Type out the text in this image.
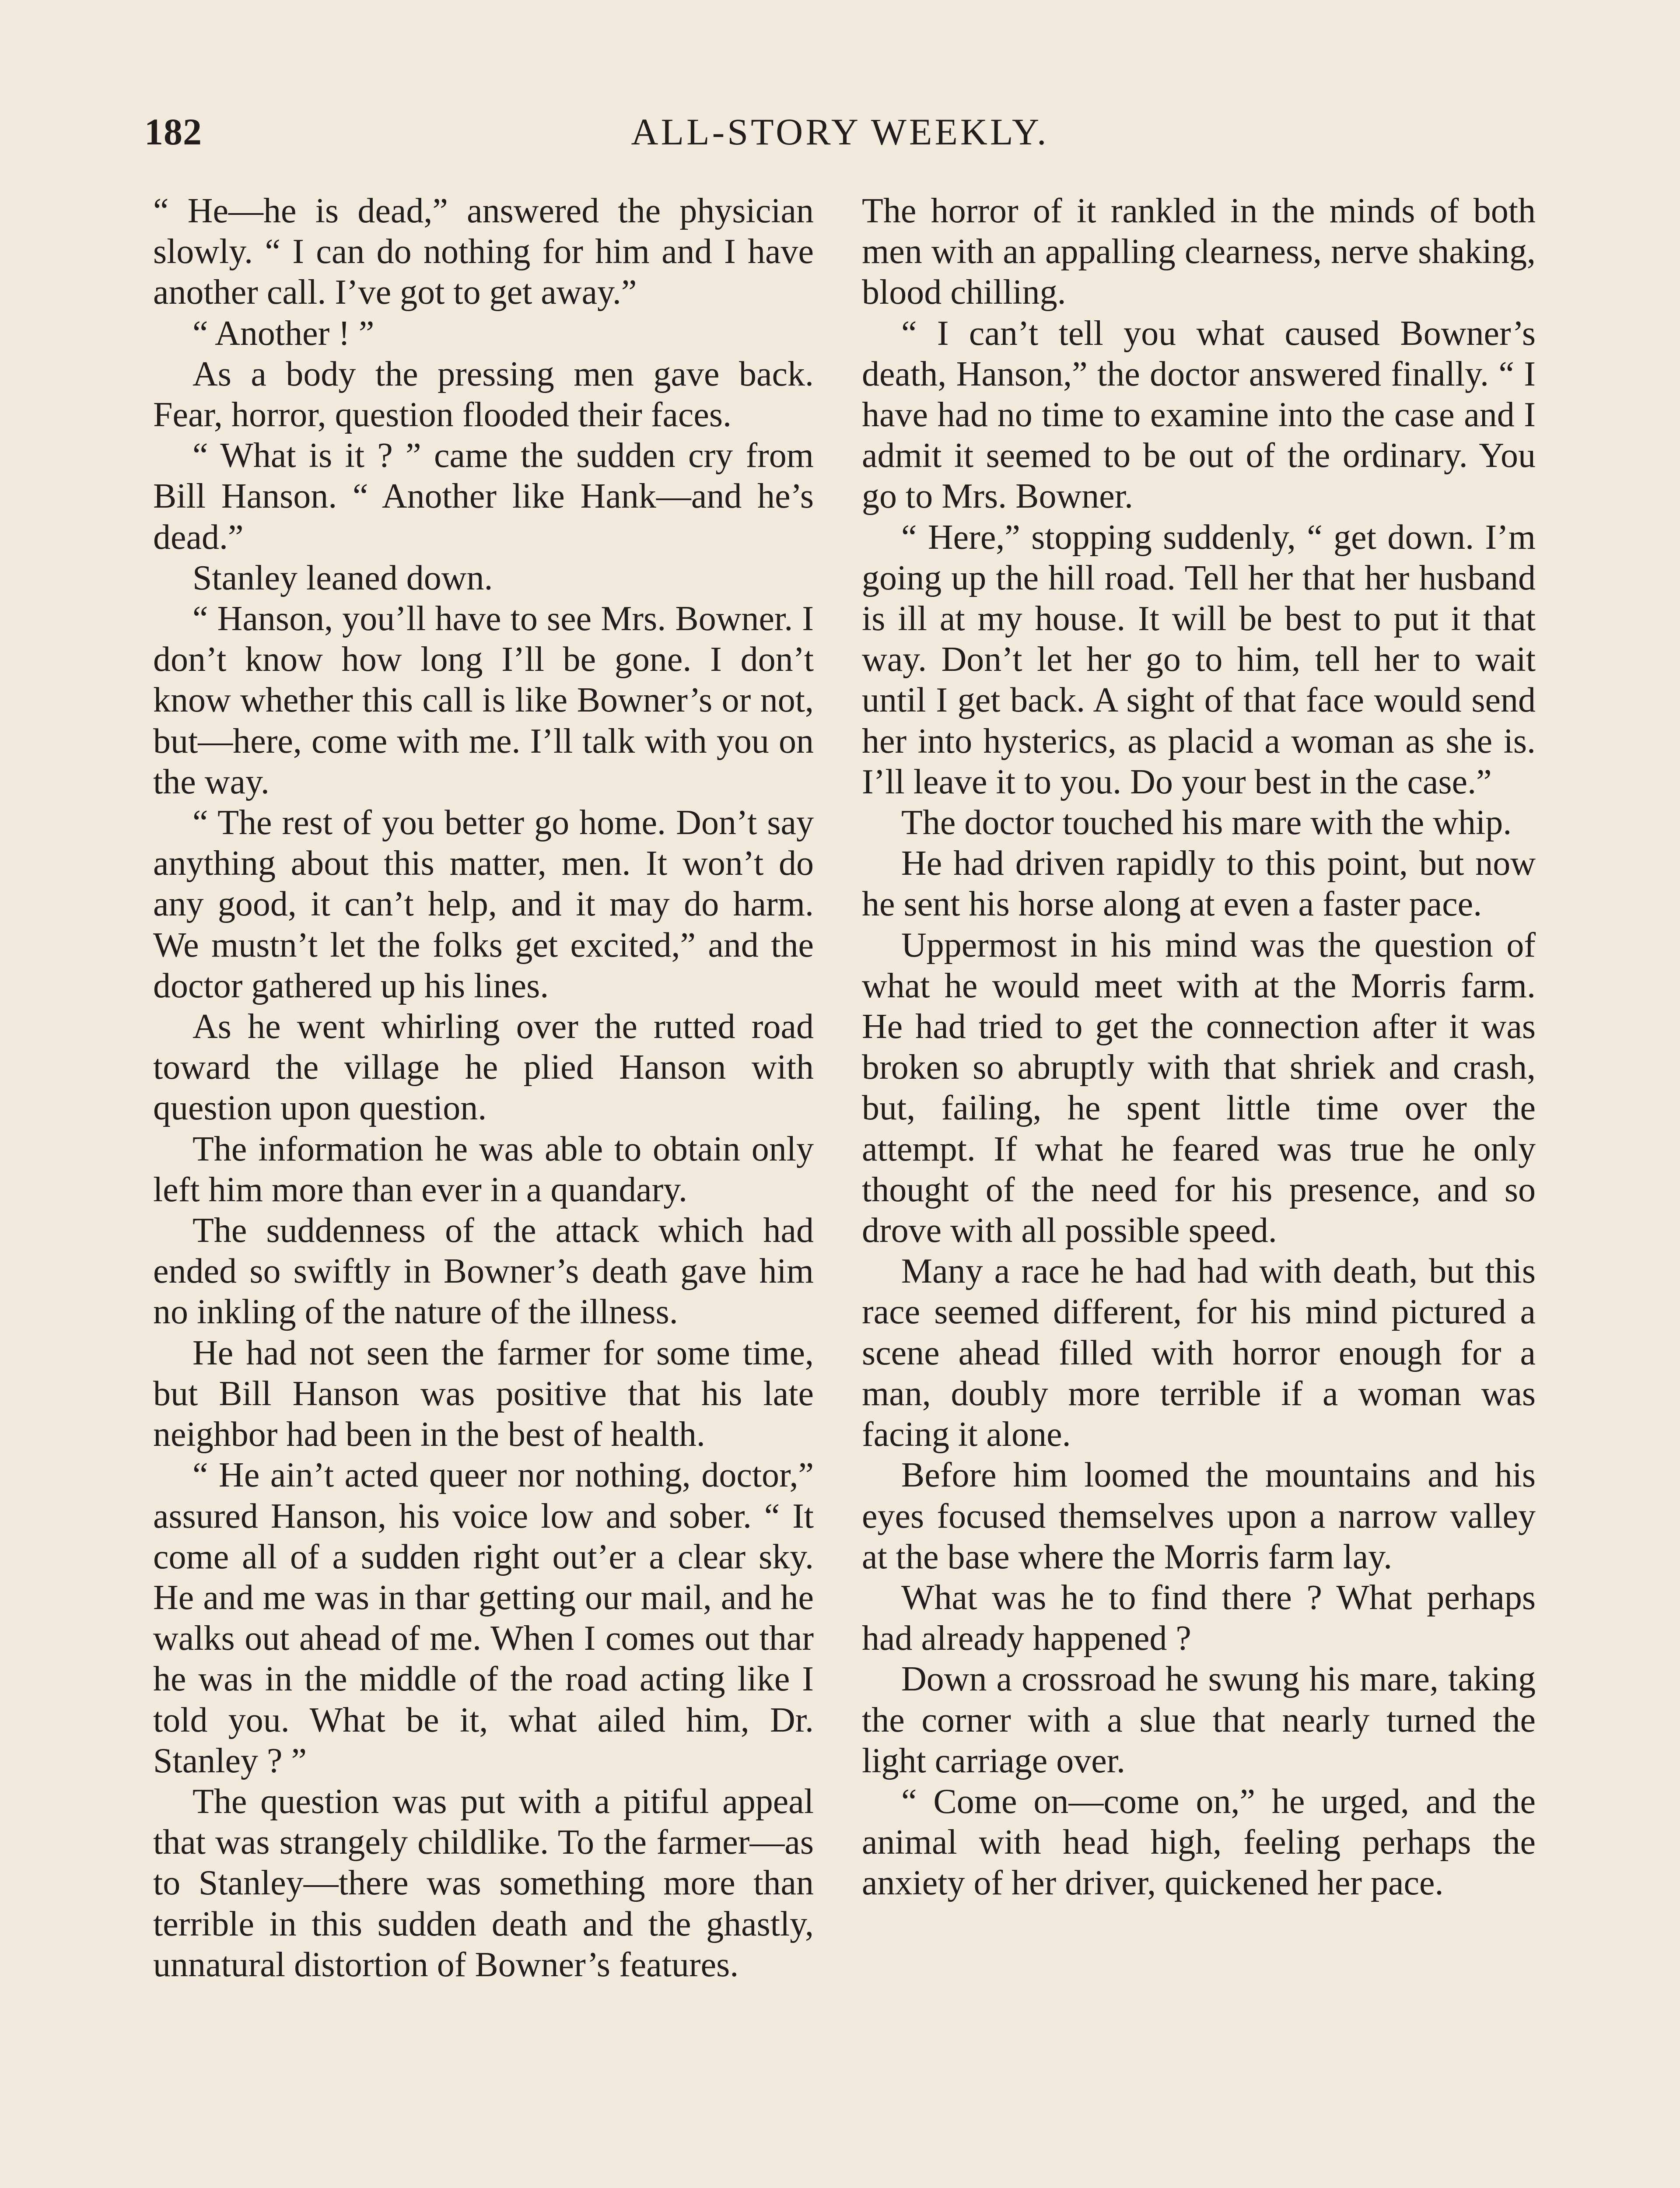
182	ALL-STORY WEEKLY.

“ He—he is dead,” answered the physician slowly. “ I can do nothing for him and I have another call. I’ve got to get away.”

“ Another ! ”

As a body the pressing men gave back. Fear, horror, question flooded their faces.

“ What is it ? ” came the sudden cry from Bill Hanson. “ Another like Hank—and he’s dead.”

Stanley leaned down.

“ Hanson, you’ll have to see Mrs. Bowner. I don’t know how long I’ll be gone. I don’t know whether this call is like Bowner’s or not, but—here, come with me. I’ll talk with you on the way.

“ The rest of you better go home. Don’t say anything about this matter, men. It won’t do any good, it can’t help, and it may do harm. We mustn’t let the folks get excited,” and the doctor gathered up his lines.

As he went whirling over the rutted road toward the village he plied Hanson with question upon question.

The information he was able to obtain only left him more than ever in a quandary.

The suddenness of the attack which had ended so swiftly in Bowner’s death gave him no inkling of the nature of the illness.

He had not seen the farmer for some time, but Bill Hanson was positive that his late neighbor had been in the best of health.

“ He ain’t acted queer nor nothing, doctor,” assured Hanson, his voice low and sober. “ It come all of a sudden right out’er a clear sky. He and me was in thar getting our mail, and he walks out ahead of me. When I comes out thar he was in the middle of the road acting like I told you. What be it, what ailed him, Dr. Stanley ? ”

The question was put with a pitiful appeal that was strangely childlike. To the farmer—as to Stanley—there was something more than terrible in this sudden death and the ghastly, unnatural distortion of Bowner’s features.

The horror of it rankled in the minds of both men with an appalling clearness, nerve shaking, blood chilling.

“ I can’t tell you what caused Bowner’s death, Hanson,” the doctor answered finally. “ I have had no time to examine into the case and I admit it seemed to be out of the ordinary. You go to Mrs. Bowner.

“ Here,” stopping suddenly, “ get down. I’m going up the hill road. Tell her that her husband is ill at my house. It will be best to put it that way. Don’t let her go to him, tell her to wait until I get back. A sight of that face would send her into hysterics, as placid a woman as she is. I’ll leave it to you. Do your best in the case.”

The doctor touched his mare with the whip.

He had driven rapidly to this point, but now he sent his horse along at even a faster pace.

Uppermost in his mind was the question of what he would meet with at the Morris farm. He had tried to get the connection after it was broken so abruptly with that shriek and crash, but, failing, he spent little time over the attempt. If what he feared was true he only thought of the need for his presence, and so drove with all possible speed.

Many a race he had had with death, but this race seemed different, for his mind pictured a scene ahead filled with horror enough for a man, doubly more terrible if a woman was facing it alone.

Before him loomed the mountains and his eyes focused themselves upon a narrow valley at the base where the Morris farm lay.

What was he to find there ? What perhaps had already happened ?

Down a crossroad he swung his mare, taking the corner with a slue that nearly turned the light carriage over.

“ Come on—come on,” he urged, and the animal with head high, feeling perhaps the anxiety of her driver, quickened her pace.
